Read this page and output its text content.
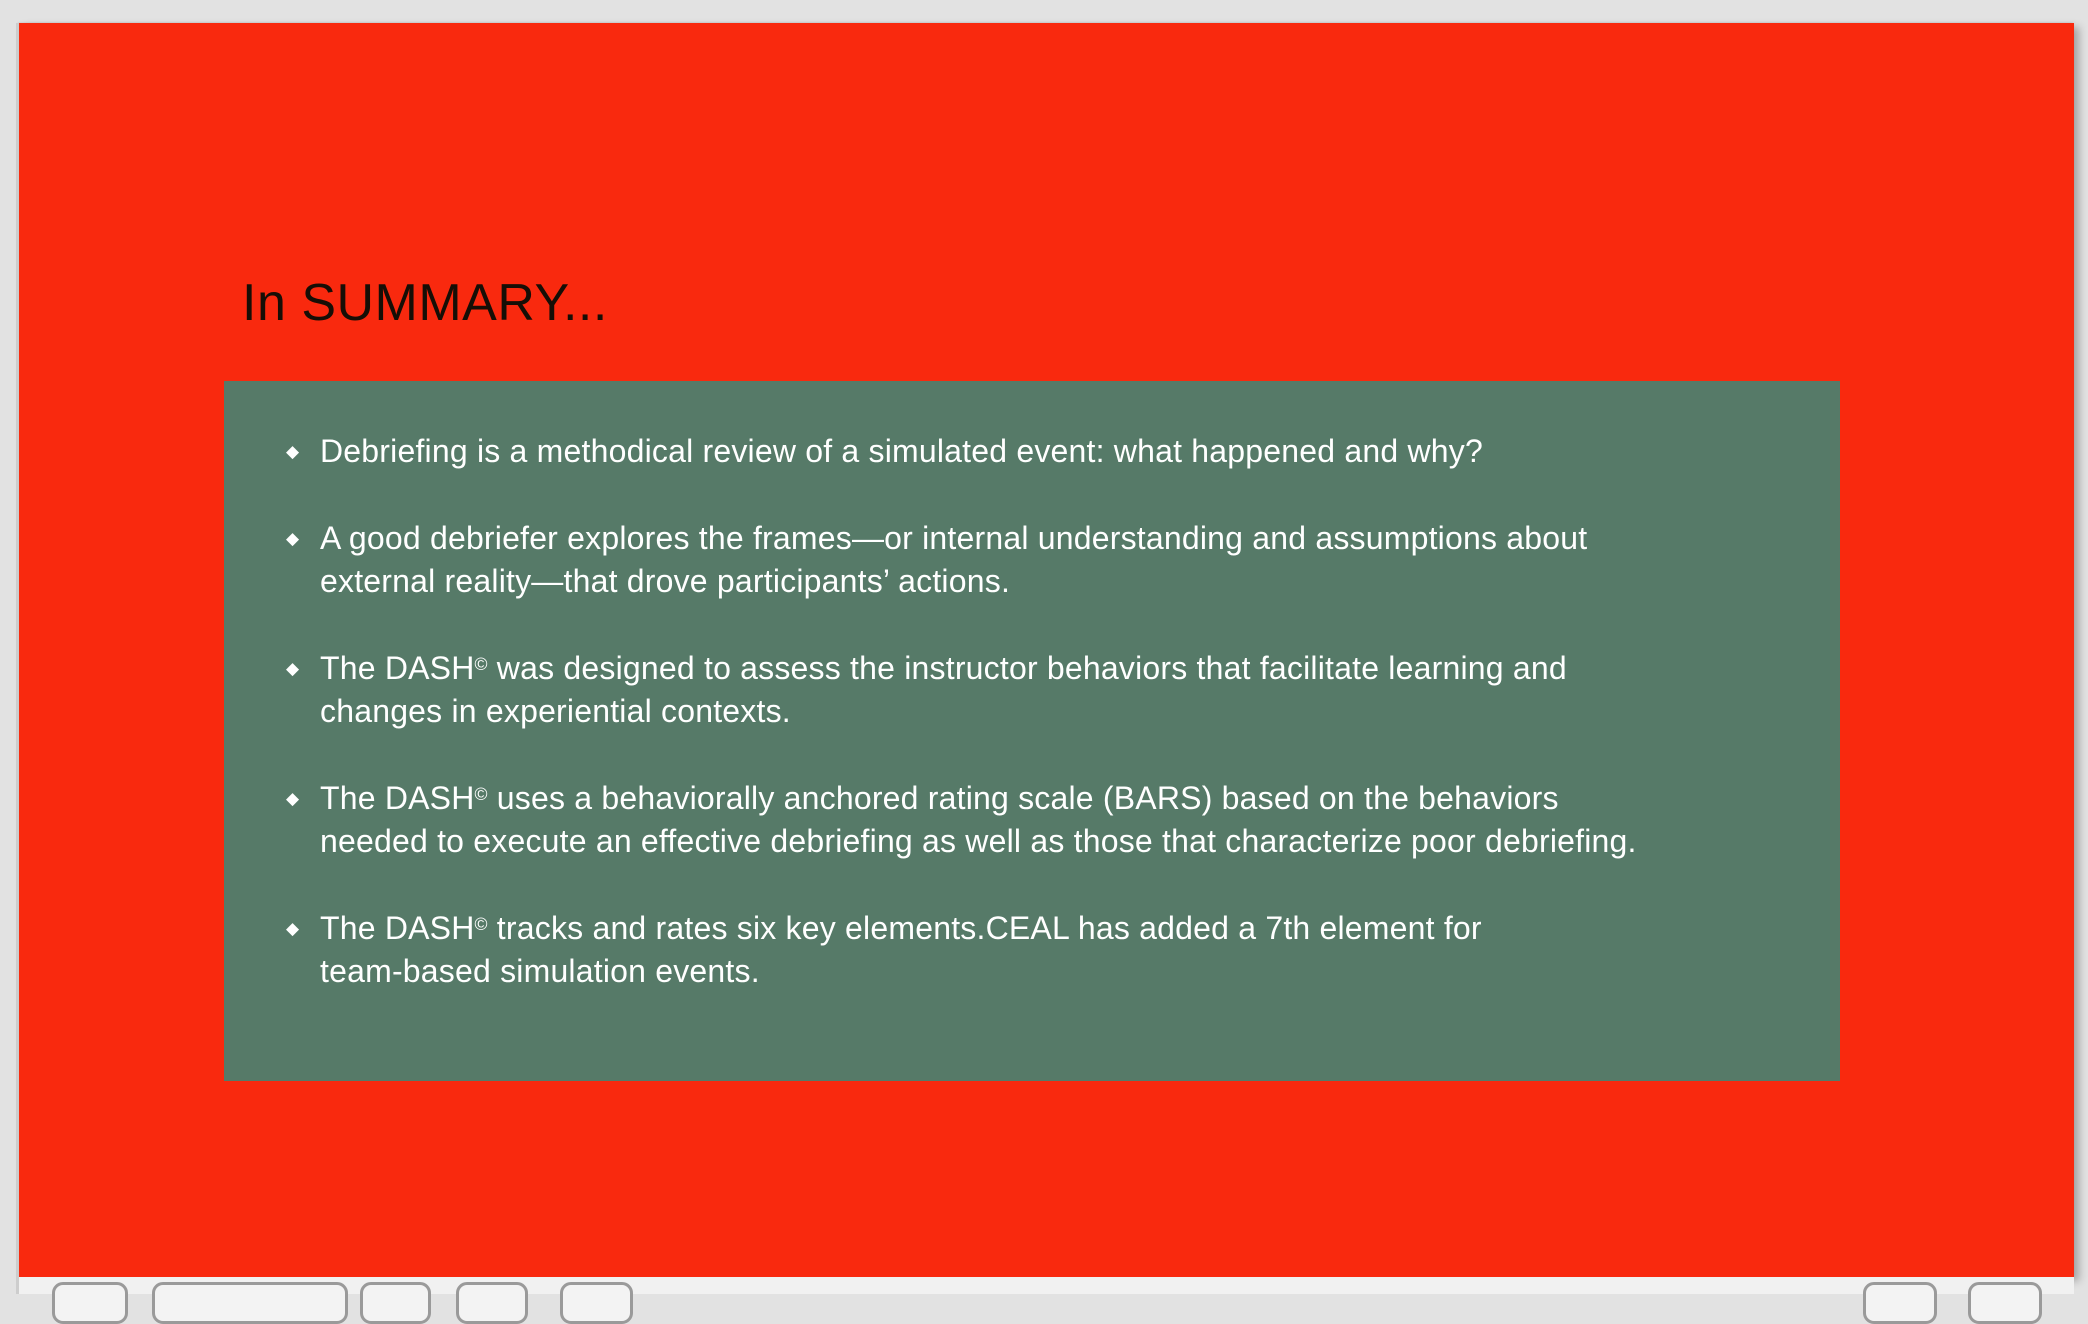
In SUMMARY...
◆ Debriefing is a methodical review of a simulated event: what happened and why?
◆ A good debriefer explores the frames—or internal understanding and assumptions about
external reality—that drove participants’ actions.
◆ The DASH© was designed to assess the instructor behaviors that facilitate learning and
changes in experiential contexts.
◆ The DASH© uses a behaviorally anchored rating scale (BARS) based on the behaviors
needed to execute an effective debriefing as well as those that characterize poor debriefing.
◆ The DASH© tracks and rates six key elements.CEAL has added a 7th element for
team-based simulation events.
